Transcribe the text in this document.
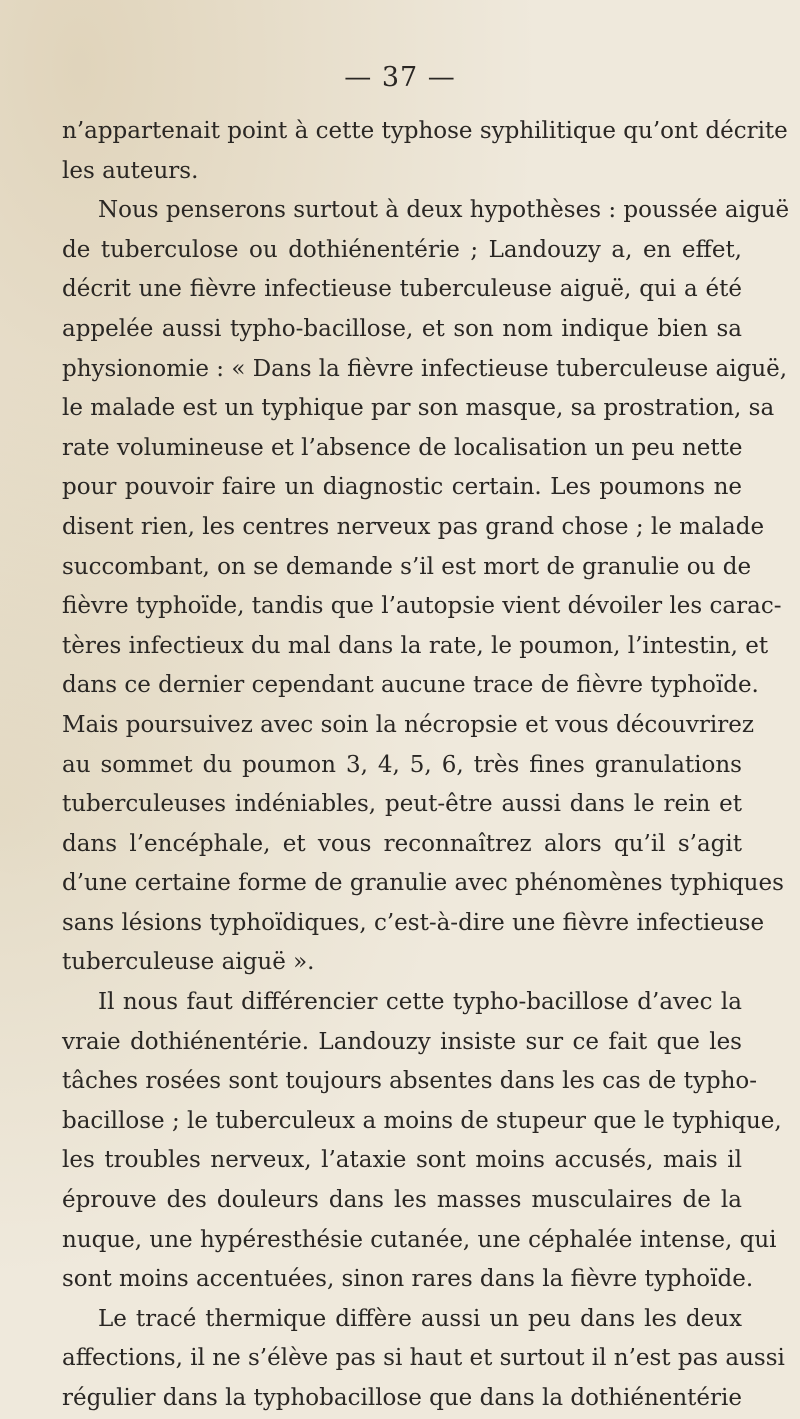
— 37 —
n’appartenait point à cette typhose syphilitique qu’ont décrite
les auteurs.
Nous penserons surtout à deux hypothèses : poussée aiguë
de tuberculose ou dothiénentérie ; Landouzy a, en effet,
décrit une fièvre infectieuse tuberculeuse aiguë, qui a été
appelée aussi typho-bacillose, et son nom indique bien sa
physionomie : « Dans la fièvre infectieuse tuberculeuse aiguë,
le malade est un typhique par son masque, sa prostration, sa
rate volumineuse et l’absence de localisation un peu nette
pour pouvoir faire un diagnostic certain. Les poumons ne
disent rien, les centres nerveux pas grand chose ; le malade
succombant, on se demande s’il est mort de granulie ou de
fièvre typhoïde, tandis que l’autopsie vient dévoiler les carac-
tères infectieux du mal dans la rate, le poumon, l’intestin, et
dans ce dernier cependant aucune trace de fièvre typhoïde.
Mais poursuivez avec soin la nécropsie et vous découvrirez
au sommet du poumon 3, 4, 5, 6, très fines granulations
tuberculeuses indéniables, peut-être aussi dans le rein et
dans l’encéphale, et vous reconnaîtrez alors qu’il s’agit
d’une certaine forme de granulie avec phénomènes typhiques
sans lésions typhoïdiques, c’est-à-dire une fièvre infectieuse
tuberculeuse aiguë ».
Il nous faut différencier cette typho-bacillose d’avec la
vraie dothiénentérie. Landouzy insiste sur ce fait que les
tâches rosées sont toujours absentes dans les cas de typho-
bacillose ; le tuberculeux a moins de stupeur que le typhique,
les troubles nerveux, l’ataxie sont moins accusés, mais il
éprouve des douleurs dans les masses musculaires de la
nuque, une hypéresthésie cutanée, une céphalée intense, qui
sont moins accentuées, sinon rares dans la fièvre typhoïde.
Le tracé thermique diffère aussi un peu dans les deux
affections, il ne s’élève pas si haut et surtout il n’est pas aussi
régulier dans la typhobacillose que dans la dothiénentérie
